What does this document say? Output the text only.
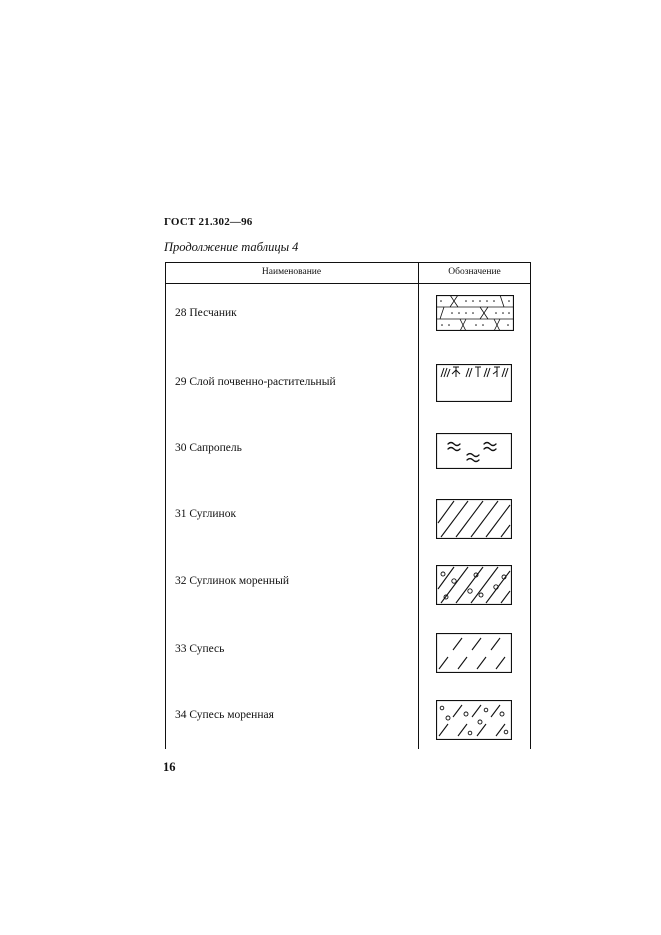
ГОСТ 21.302—96
Продолжение таблицы 4
Наименование	Обозначение
28 Песчаник
29 Слой почвенно-растительный
30 Сапропель
31 Суглинок
32 Суглинок моренный
33 Супесь
34 Супесь моренная
16
